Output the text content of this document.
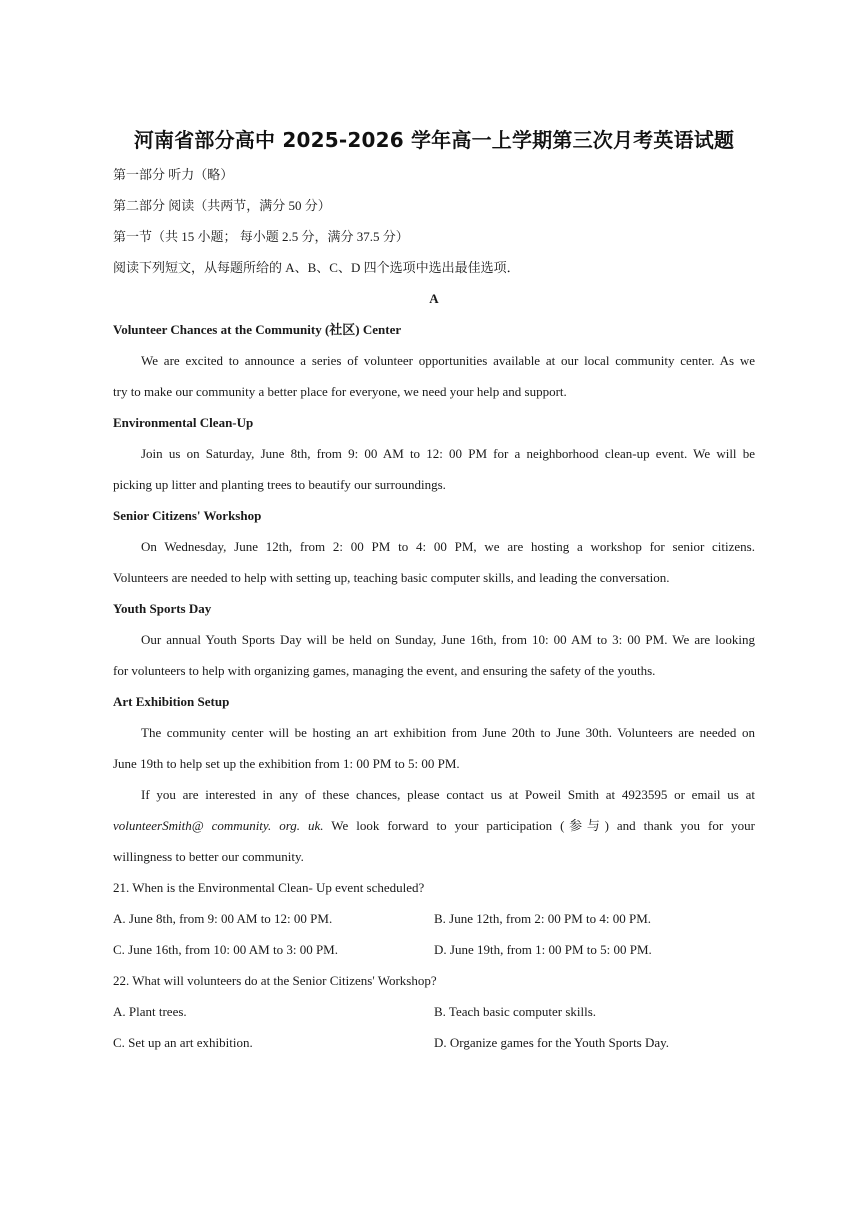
河南省部分高中 2025-2026 学年高一上学期第三次月考英语试题
第一部分 听力（略）
第二部分 阅读（共两节，满分 50 分）
第一节（共 15 小题； 每小题 2.5 分，满分 37.5 分）
阅读下列短文，从每题所给的 A、B、C、D 四个选项中选出最佳选项．
A
Volunteer Chances at the Community (社区) Center
We are excited to announce a series of volunteer opportunities available at our local community center. As we
try to make our community a better place for everyone, we need your help and support.
Environmental Clean-Up
Join us on Saturday, June 8th, from 9: 00 AM to 12: 00 PM for a neighborhood clean-up event. We will be
picking up litter and planting trees to beautify our surroundings.
Senior Citizens' Workshop
On Wednesday, June 12th, from 2: 00 PM to 4: 00 PM, we are hosting a workshop for senior citizens.
Volunteers are needed to help with setting up, teaching basic computer skills, and leading the conversation.
Youth Sports Day
Our annual Youth Sports Day will be held on Sunday, June 16th, from 10: 00 AM to 3: 00 PM. We are looking
for volunteers to help with organizing games, managing the event, and ensuring the safety of the youths.
Art Exhibition Setup
The community center will be hosting an art exhibition from June 20th to June 30th. Volunteers are needed on
June 19th to help set up the exhibition from 1: 00 PM to 5: 00 PM.
If you are interested in any of these chances, please contact us at Poweil Smith at 4923595 or email us at
volunteerSmith@ community. org. uk. We look forward to your participation (参与) and thank you for your
willingness to better our community.
21. When is the Environmental Clean- Up event scheduled?
A. June 8th, from 9: 00 AM to 12: 00 PM.	B. June 12th, from 2: 00 PM to 4: 00 PM.
C. June 16th, from 10: 00 AM to 3: 00 PM.	D. June 19th, from 1: 00 PM to 5: 00 PM.
22. What will volunteers do at the Senior Citizens' Workshop?
A. Plant trees.	B. Teach basic computer skills.
C. Set up an art exhibition.	D. Organize games for the Youth Sports Day.
